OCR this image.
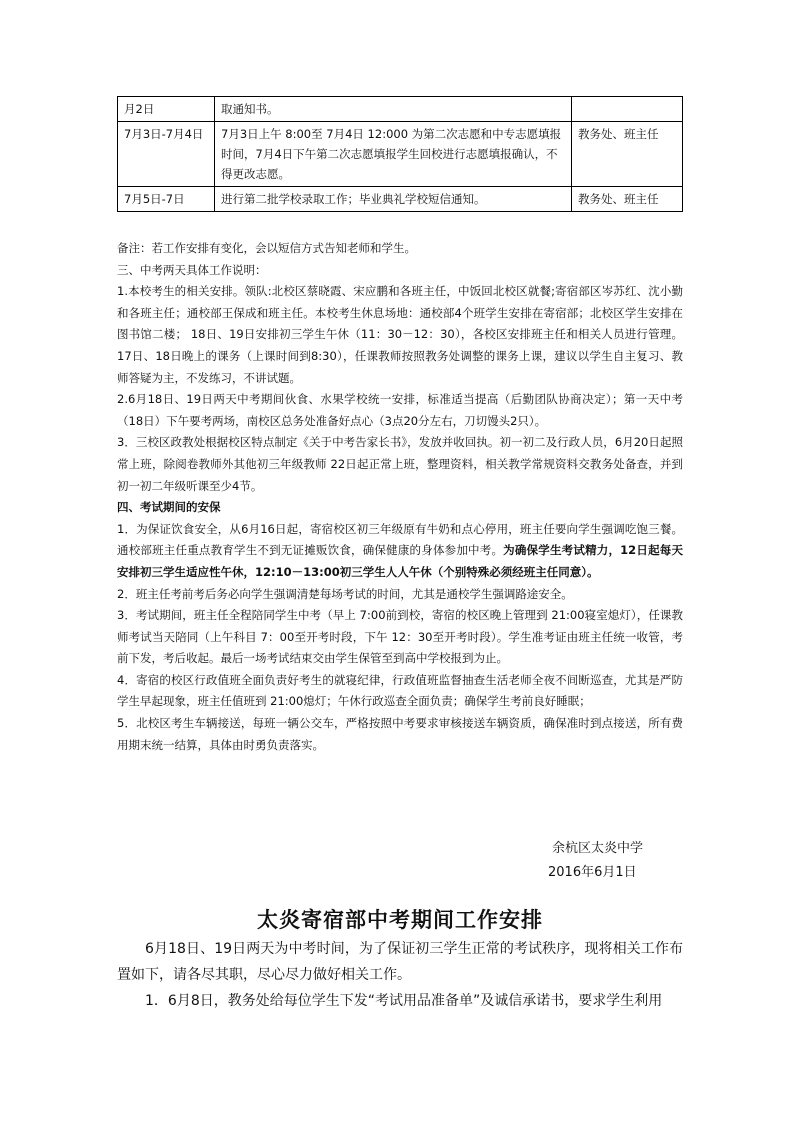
月2日	取通知书。	
7月3日-7月4日	7月3日上午 8:00至 7月4日 12:000 为第二次志愿和中专志愿填报时间，7月4日下午第二次志愿填报学生回校进行志愿填报确认，不得更改志愿。	教务处、班主任
7月5日-7日	进行第二批学校录取工作；毕业典礼学校短信通知。	教务处、班主任

备注：若工作安排有变化，会以短信方式告知老师和学生。

三、中考两天具体工作说明：

1.本校考生的相关安排。领队:北校区蔡晓霞、宋应鹏和各班主任，中饭回北校区就餐;寄宿部区岑苏红、沈小勤和各班主任；通校部王保成和班主任。本校考生休息场地：通校部4个班学生安排在寄宿部；北校区学生安排在图书馆二楼； 18日、19日安排初三学生午休（11：30－12：30），各校区安排班主任和相关人员进行管理。17日、18日晚上的课务（上课时间到8:30），任课教师按照教务处调整的课务上课，建议以学生自主复习、教师答疑为主，不发练习，不讲试题。

2.6月18日、19日两天中考期间伙食、水果学校统一安排，标准适当提高（后勤团队协商决定）；第一天中考（18日）下午要考两场，南校区总务处准备好点心（3点20分左右，刀切馒头2只）。

3．三校区政教处根据校区特点制定《关于中考告家长书》，发放并收回执。初一初二及行政人员，6月20日起照常上班，除阅卷教师外其他初三年级教师 22日起正常上班，整理资料，相关教学常规资料交教务处备查，并到初一初二年级听课至少4节。

四、考试期间的安保

1．为保证饮食安全，从6月16日起，寄宿校区初三年级原有牛奶和点心停用，班主任要向学生强调吃饱三餐。通校部班主任重点教育学生不到无证摊贩饮食，确保健康的身体参加中考。为确保学生考试精力，12日起每天安排初三学生适应性午休，12:10－13:00初三学生人人午休（个别特殊必须经班主任同意）。

2．班主任考前考后务必向学生强调清楚每场考试的时间，尤其是通校学生强调路途安全。

3．考试期间，班主任全程陪同学生中考（早上 7:00前到校，寄宿的校区晚上管理到 21:00寝室熄灯），任课教师考试当天陪同（上午科目 7：00至开考时段，下午 12：30至开考时段）。学生准考证由班主任统一收管，考前下发，考后收起。最后一场考试结束交由学生保管至到高中学校报到为止。

4．寄宿的校区行政值班全面负责好考生的就寝纪律，行政值班监督抽查生活老师全夜不间断巡查，尤其是严防学生早起现象，班主任值班到 21:00熄灯；午休行政巡查全面负责；确保学生考前良好睡眠；

5．北校区考生车辆接送，每班一辆公交车，严格按照中考要求审核接送车辆资质，确保准时到点接送，所有费用期末统一结算，具体由时勇负责落实。

余杭区太炎中学
2016年6月1日
太炎寄宿部中考期间工作安排

6月18日、19日两天为中考时间，为了保证初三学生正常的考试秩序，现将相关工作布置如下，请各尽其职，尽心尽力做好相关工作。

1．6月8日，教务处给每位学生下发“考试用品准备单”及诚信承诺书，要求学生利用
